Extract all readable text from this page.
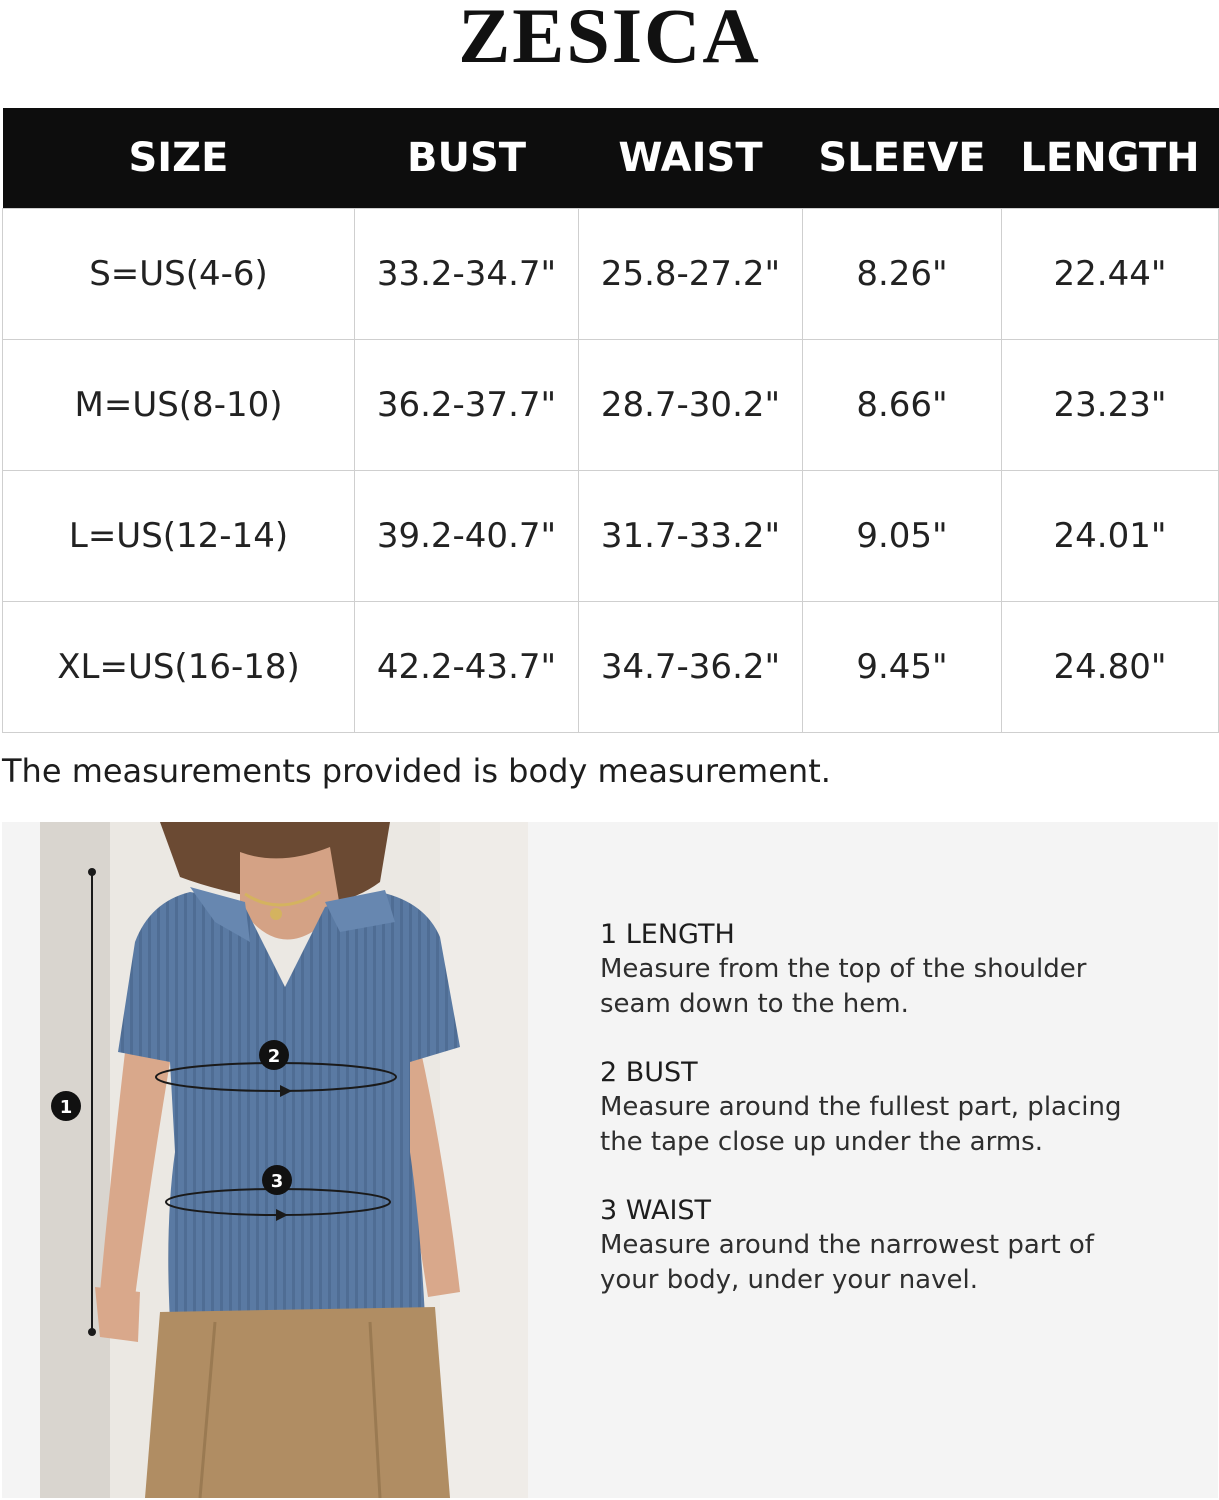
ZESICA
SIZE	BUST	WAIST	SLEEVE	LENGTH
S=US(4-6)	33.2-34.7"	25.8-27.2"	8.26"	22.44"
M=US(8-10)	36.2-37.7"	28.7-30.2"	8.66"	23.23"
L=US(12-14)	39.2-40.7"	31.7-33.2"	9.05"	24.01"
XL=US(16-18)	42.2-43.7"	34.7-36.2"	9.45"	24.80"

The measurements provided is body measurement.

1
2
3
1 LENGTH
Measure from the top of the shoulder
seam down to the hem.
2 BUST
Measure around the fullest part, placing
the tape close up under the arms.
3 WAIST
Measure around the narrowest part of
your body, under your navel.
